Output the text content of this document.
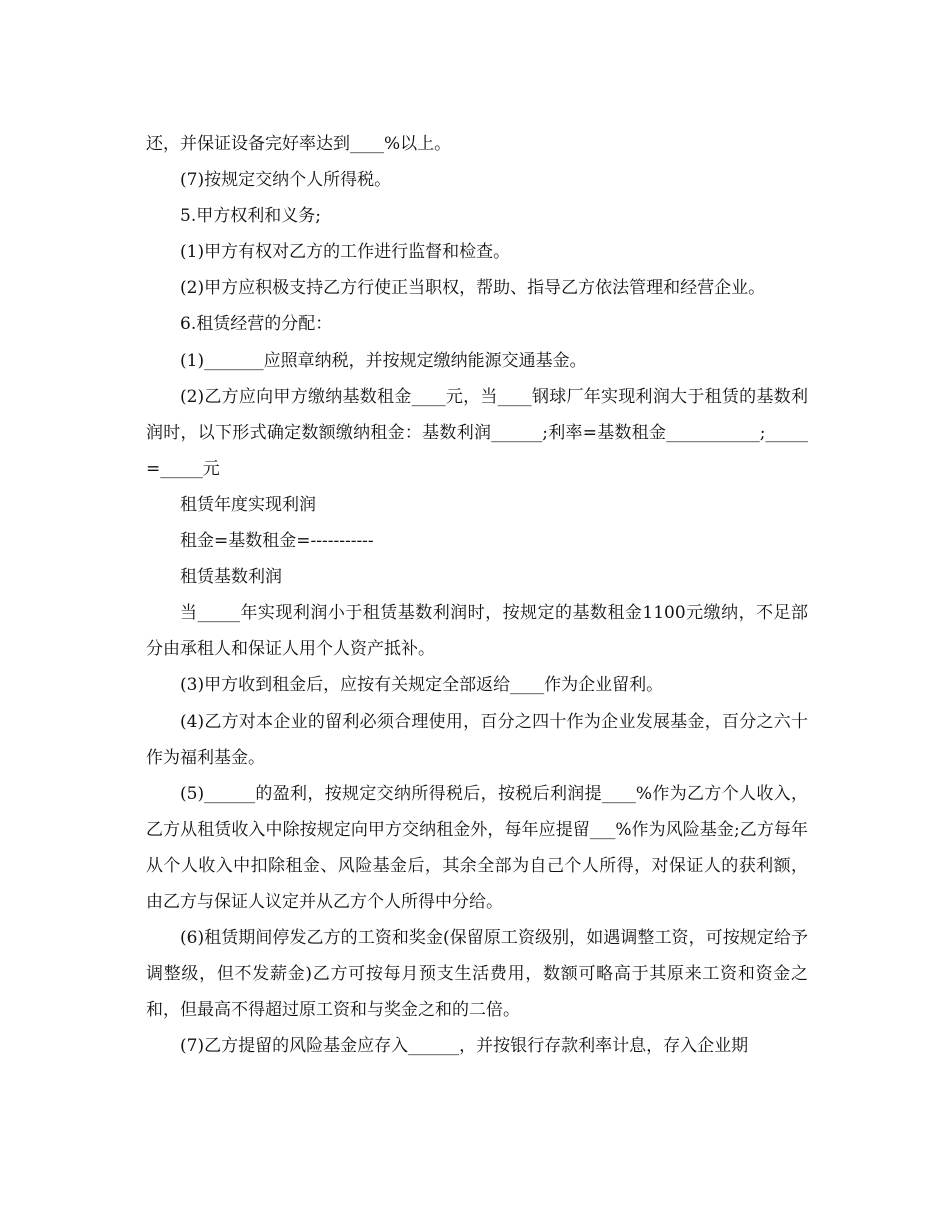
还，并保证设备完好率达到____%以上。

(7)按规定交纳个人所得税。

5.甲方权利和义务;

(1)甲方有权对乙方的工作进行监督和检查。

(2)甲方应积极支持乙方行使正当职权，帮助、指导乙方依法管理和经营企业。

6.租赁经营的分配：

(1)_______应照章纳税，并按规定缴纳能源交通基金。

(2)乙方应向甲方缴纳基数租金____元，当____钢球厂年实现利润大于租赁的基数利润时，以下形式确定数额缴纳租金：基数利润______;利率=基数租金___________;_____=_____元

租赁年度实现利润

租金=基数租金=-----------

租赁基数利润

当_____年实现利润小于租赁基数利润时，按规定的基数租金1100元缴纳，不足部分由承租人和保证人用个人资产抵补。

(3)甲方收到租金后，应按有关规定全部返给____作为企业留利。

(4)乙方对本企业的留利必须合理使用，百分之四十作为企业发展基金，百分之六十作为福利基金。

(5)______的盈利，按规定交纳所得税后，按税后利润提____%作为乙方个人收入，乙方从租赁收入中除按规定向甲方交纳租金外，每年应提留___%作为风险基金;乙方每年从个人收入中扣除租金、风险基金后，其余全部为自己个人所得，对保证人的获利额，由乙方与保证人议定并从乙方个人所得中分给。

(6)租赁期间停发乙方的工资和奖金(保留原工资级别，如遇调整工资，可按规定给予调整级，但不发薪金)乙方可按每月预支生活费用，数额可略高于其原来工资和资金之和，但最高不得超过原工资和与奖金之和的二倍。

(7)乙方提留的风险基金应存入______，并按银行存款利率计息，存入企业期
